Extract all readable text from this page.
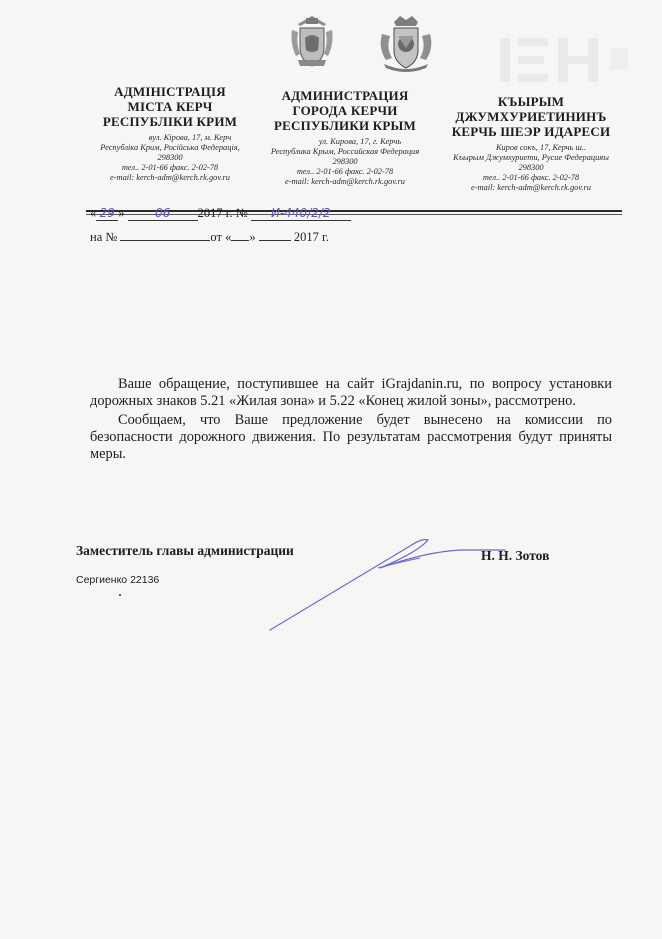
АДМІНІСТРАЦІЯ
МІСТА КЕРЧ
РЕСПУБЛІКИ КРИМ
вул. Кірова, 17, м. Керч
Республіка Крим, Російська Федерація,
298300
тел.. 2-01-66 факс. 2-02-78
e-mail: kerch-adm@kerch.rk.gov.ru
АДМИНИСТРАЦИЯ
ГОРОДА КЕРЧИ
РЕСПУБЛИКИ КРЫМ
ул. Кирова, 17, г. Керчь
Республика Крым, Российская Федерация
298300
тел.. 2-01-66 факс. 2-02-78
e-mail: kerch-adm@kerch.rk.gov.ru
КЪЫРЫМ
ДЖУМХУРИЕТИНИНЪ
КЕРЧЬ ШЕЭР ИДАРЕСИ
Киров сокъ, 17, Керчь ш..
Къырым Джумхуриети, Русие Федерацияы
298300
тел.. 2-01-66 факс. 2-02-78
e-mail: kerch-adm@kerch.rk.gov.ru
« 29 »	06 2017 г. № И-440/2/2
на №	от « »	2017 г.

Ваше обращение, поступившее на сайт iGrajdanin.ru, по вопросу установки дорожных знаков 5.21 «Жилая зона» и 5.22 «Конец жилой зоны», рассмотрено.

Сообщаем, что Ваше предложение будет вынесено на комиссии по безопасности дорожного движения. По результатам рассмотрения будут приняты меры.

Заместитель главы администрации	Н. Н. Зотов
Сергиенко 22136
